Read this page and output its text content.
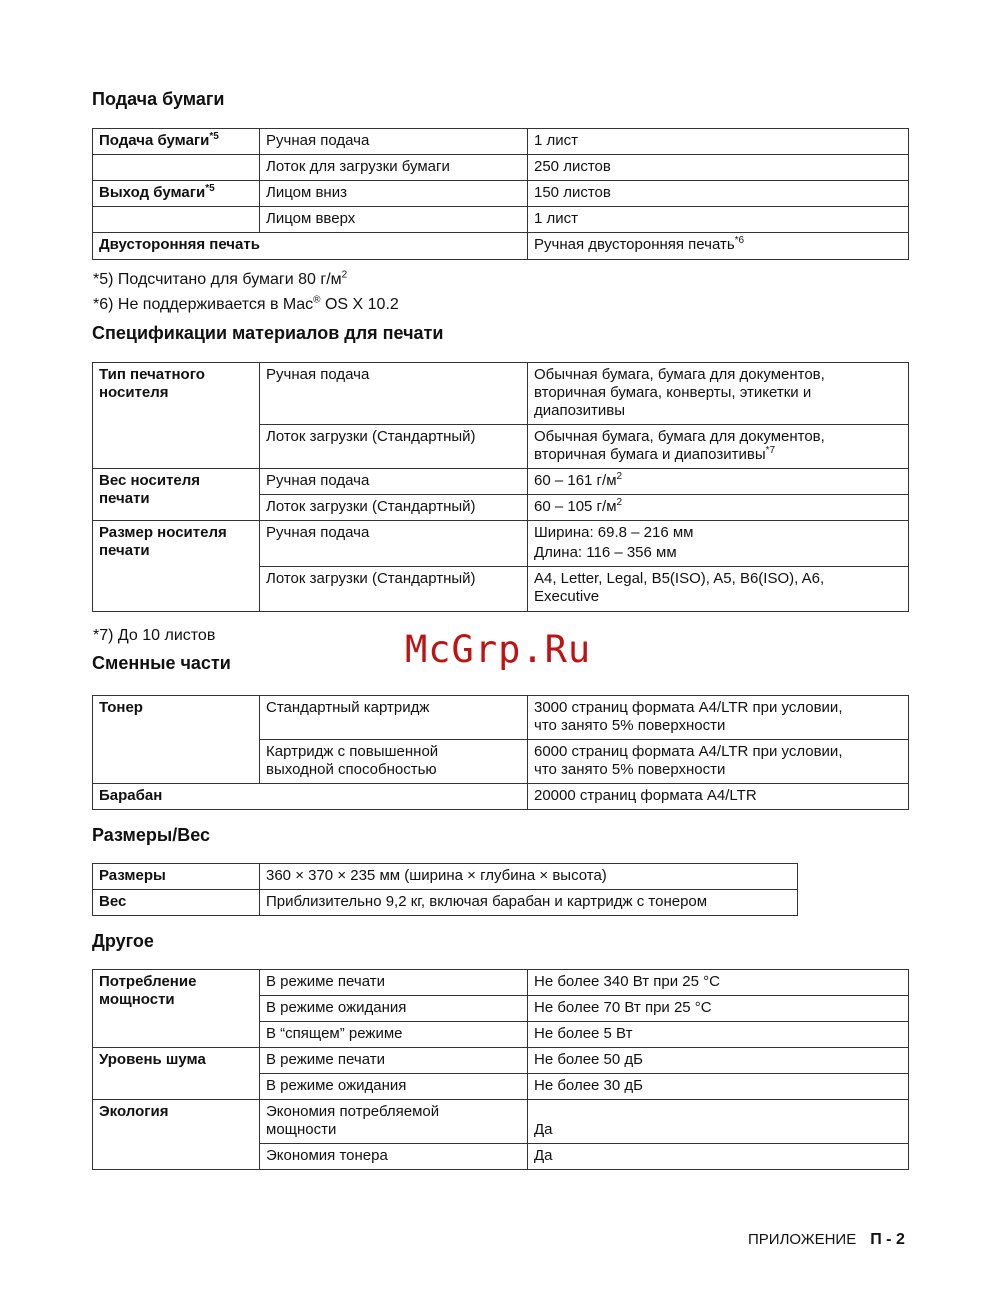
Подача бумаги
Подача бумаги$^{*5}$	Ручная подача	1 лист
	Лоток для загрузки бумаги	250 листов
Выход бумаги$^{*5}$	Лицом вниз	150 листов
	Лицом вверх	1 лист
Двусторонняя печать		Ручная двусторонняя печать$^{*6}$
*5) Подсчитано для бумаги 80 $г/м^2$
*6) Не поддерживается в Mac® OS X 10.2
Спецификации материалов для печати
Тип печатного
носителя	Ручная подача	Обычная бумага, бумага для документов,
вторичная бумага, конверты, этикетки и
диапозитивы

	Лоток загрузки (Стандартный)	Обычная бумага, бумага для документов,
вторичная бумага и диапозитивы$^{*7}$

Вес носителя
печати	Ручная подача	60 – 161 $г/м^2$
	Лоток загрузки (Стандартный)	60 – 105 $г/м^2$

Размер носителя
печати	Ручная подача	Ширина: 69.8 – 216 мм
Длина: 116 – 356 мм

	Лоток загрузки (Стандартный)	A4, Letter, Legal, B5(ISO), A5, B6(ISO), A6,
Executive
*7) До 10 листов	McGrp.Ru
Сменные части
Тонер	Стандартный картридж	3000 страниц формата A4/LTR при условии,
что занято 5% поверхности

	Картридж с повышенной
выходной способностью	6000 страниц формата A4/LTR при условии,
что занято 5% поверхности

Барабан		20000 страниц формата A4/LTR
Размеры/Вес
Размеры	360 × 370 × 235 мм (ширина × глубина × высота)
Вес	Приблизительно 9,2 кг, включая барабан и картридж с тонером
Другое
Потребление
мощности	В режиме печати	Не более 340 Вт при 25 °C
	В режиме ожидания	Не более 70 Вт при 25 °C
	В “спящем” режиме	Не более 5 Вт
Уровень шума	В режиме печати	Не более 50 дБ
	В режиме ожидания	Не более 30 дБ
Экология	Экономия потребляемой
мощности	Да
	Экономия тонера	Да
ПРИЛОЖЕНИЕ П - 2
